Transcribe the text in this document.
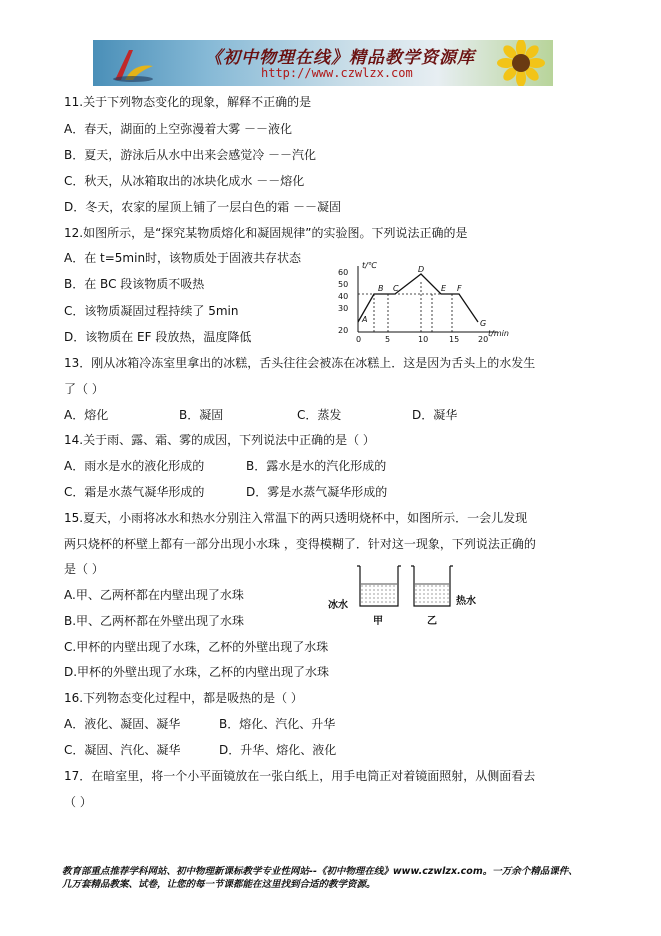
《初中物理在线》精品教学资源库
http://www.czwlzx.com
11.关于下列物态变化的现象，解释不正确的是
A．春天，湖面的上空弥漫着大雾 －－液化
B．夏天，游泳后从水中出来会感觉冷 －－汽化
C．秋天，从冰箱取出的冰块化成水 －－熔化
D．冬天，农家的屋顶上铺了一层白色的霜 －－凝固
12.如图所示，是“探究某物质熔化和凝固规律”的实验图。下列说法正确的是
A．在 t=5min时，该物质处于固液共存状态
B．在 BC 段该物质不吸热
C．该物质凝固过程持续了 5min
D．该物质在 EF 段放热，温度降低
60
50
40
30
20
0	5	10	15 20
t/℃
t/min
A
B C
D
E F
G
13．刚从冰箱冷冻室里拿出的冰糕，舌头往往会被冻在冰糕上．这是因为舌头上的水发生
了（ ）
A．熔化	B．凝固	C．蒸发	D．凝华
14.关于雨、露、霜、雾的成因，下列说法中正确的是（ ）
A．雨水是水的液化形成的	B．露水是水的汽化形成的
C．霜是水蒸气凝华形成的	D．雾是水蒸气凝华形成的
15.夏天，小雨将冰水和热水分别注入常温下的两只透明烧杯中，如图所示．一会儿发现
两只烧杯的杯壁上都有一部分出现小水珠 ，变得模糊了．针对这一现象，下列说法正确的
是（ ）
A.甲、乙两杯都在内壁出现了水珠
B.甲、乙两杯都在外壁出现了水珠
C.甲杯的内壁出现了水珠，乙杯的外壁出现了水珠
D.甲杯的外壁出现了水珠，乙杯的内壁出现了水珠
冰水	热水
甲	乙
16.下列物态变化过程中，都是吸热的是（ ）
A．液化、凝固、凝华	B．熔化、汽化、升华
C．凝固、汽化、凝华	D．升华、熔化、液化
17．在暗室里，将一个小平面镜放在一张白纸上，用手电筒正对着镜面照射，从侧面看去
（ ）
教育部重点推荐学科网站、初中物理新课标教学专业性网站--《初中物理在线》www.czwlzx.com。一万余个精品课件、
几万套精品教案、试卷，让您的每一节课都能在这里找到合适的教学资源。
